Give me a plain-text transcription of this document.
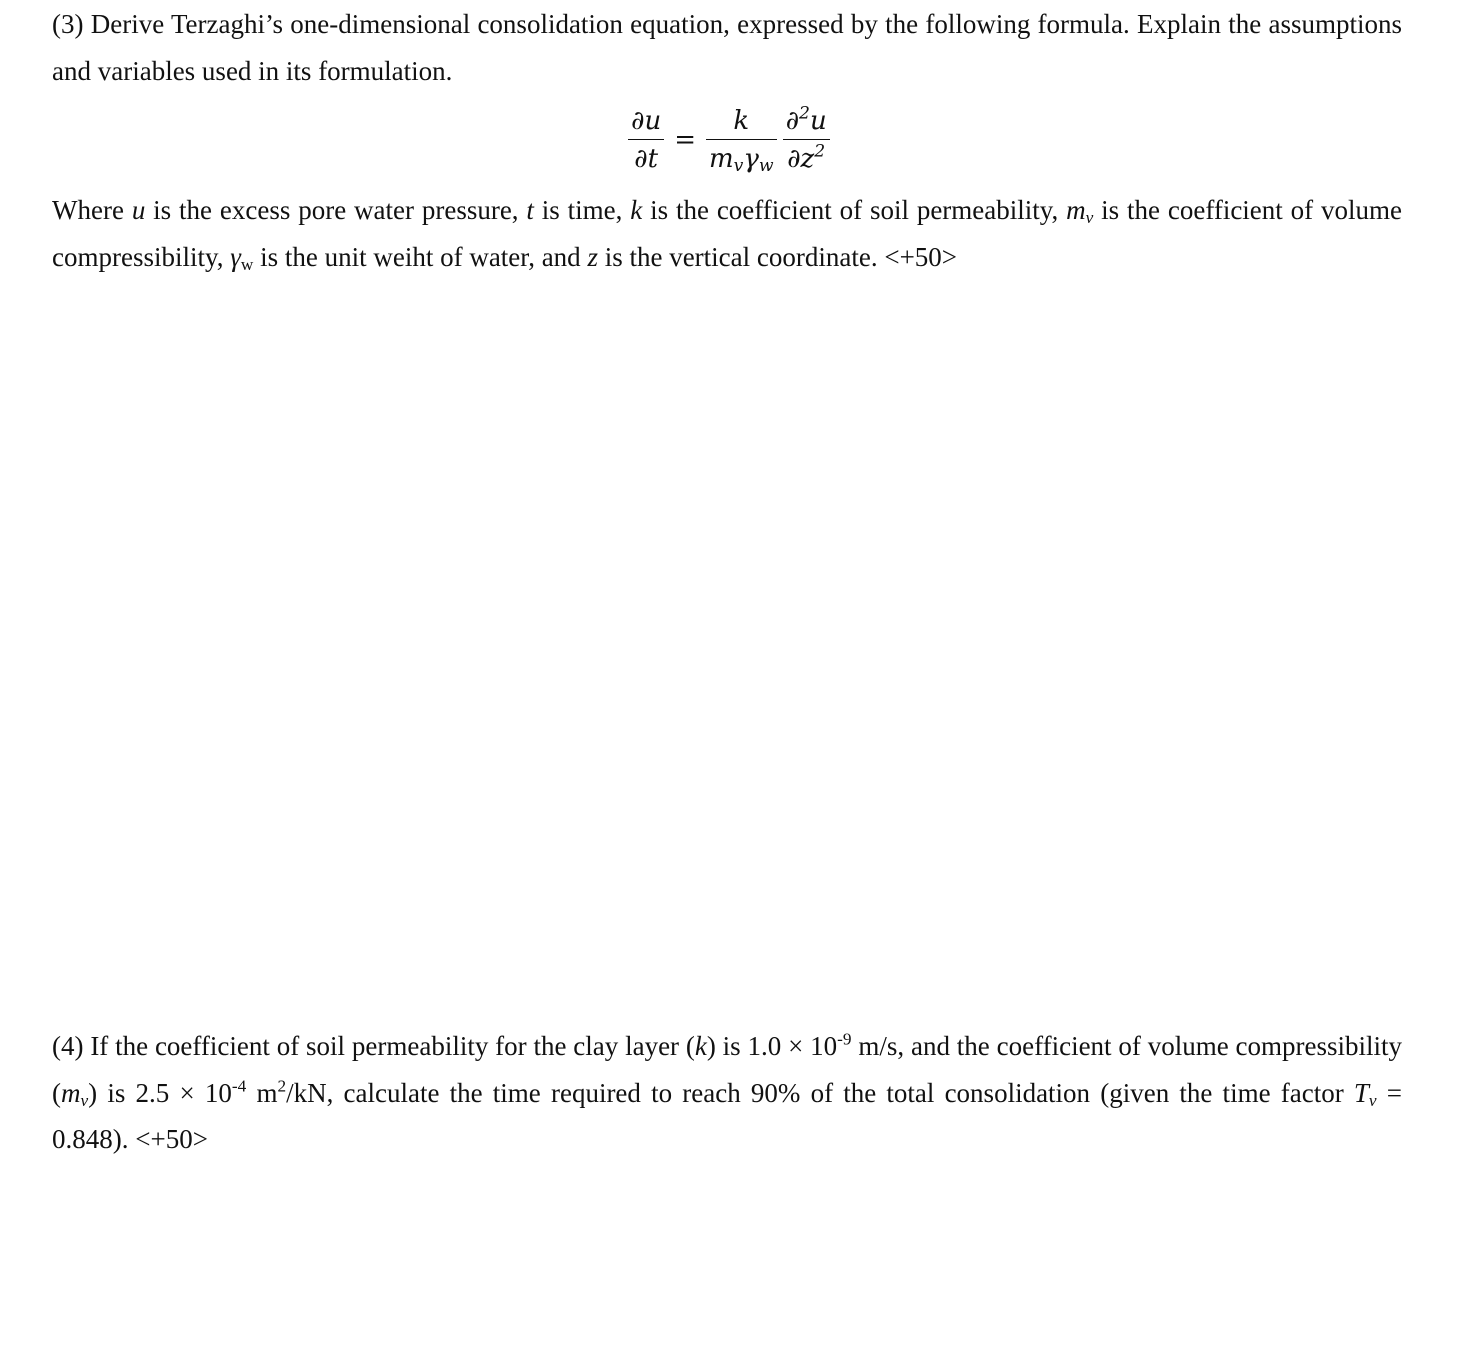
(3) Derive Terzaghi’s one-dimensional consolidation equation, expressed by the following formula. Explain the assumptions and variables used in its formulation.

$\frac{\partial u}{\partial t} = \frac{k}{m_v\gamma_w} \frac{\partial^2u}{\partial z^2}$

Where u is the excess pore water pressure, t is time, k is the coefficient of soil permeability, $m_v$ is the coefficient of volume compressibility, $\gamma_w$ is the unit weiht of water, and z is the vertical coordinate. <+50>

(4) If the coefficient of soil permeability for the clay layer (k) is $1.0 \times 10^{-9}$ m/s, and the coefficient of volume compressibility $(m_v)$ is $2.5 \times 10^{-4}$ $m^2/kN$, calculate the time required to reach 90% of the total consolidation (given the time factor $T_v = 0.848$). <+50>
